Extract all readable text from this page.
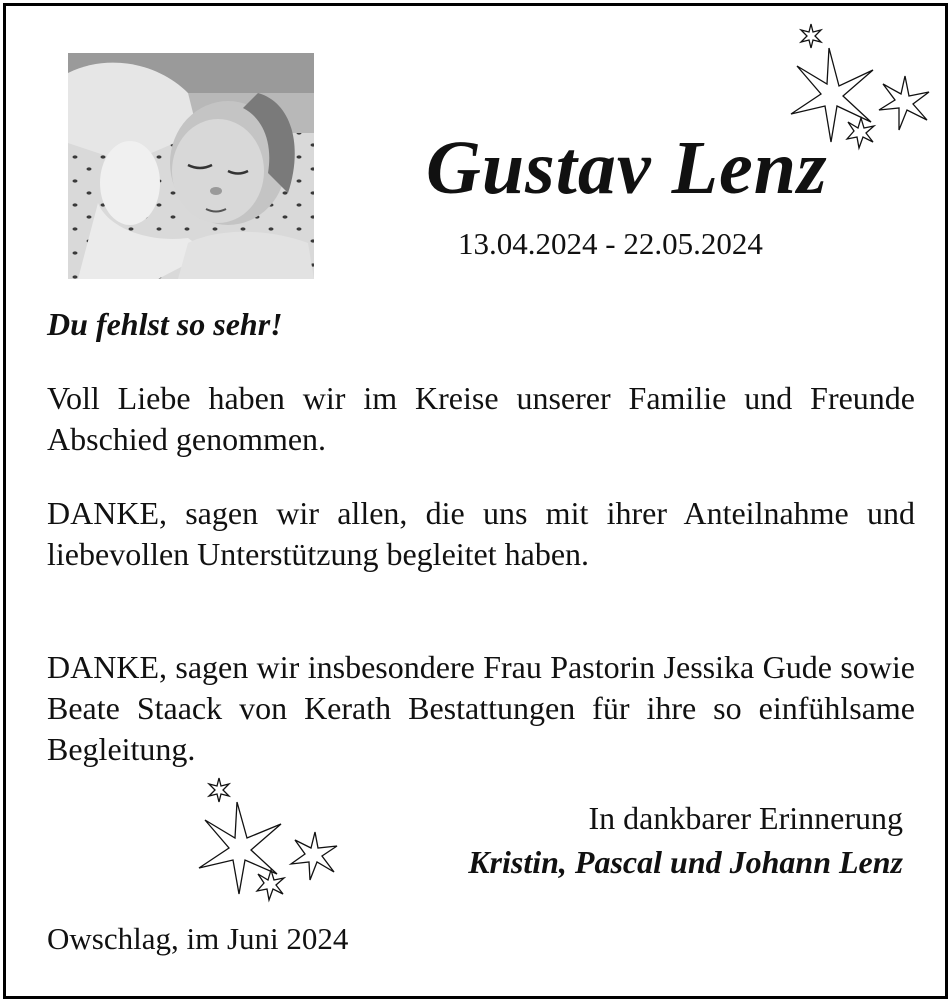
Gustav Lenz
13.04.2024 - 22.05.2024
Du fehlst so sehr!

Voll Liebe haben wir im Kreise unserer Familie und Freunde Abschied genommen.

DANKE, sagen wir allen, die uns mit ihrer Anteilnahme und liebevollen Unterstützung begleitet haben.

DANKE, sagen wir insbesondere Frau Pastorin Jessika Gude sowie Beate Staack von Kerath Bestattungen für ihre so einfühlsame Begleitung.

In dankbarer Erinnerung
Kristin, Pascal und Johann Lenz
Owschlag, im Juni 2024
